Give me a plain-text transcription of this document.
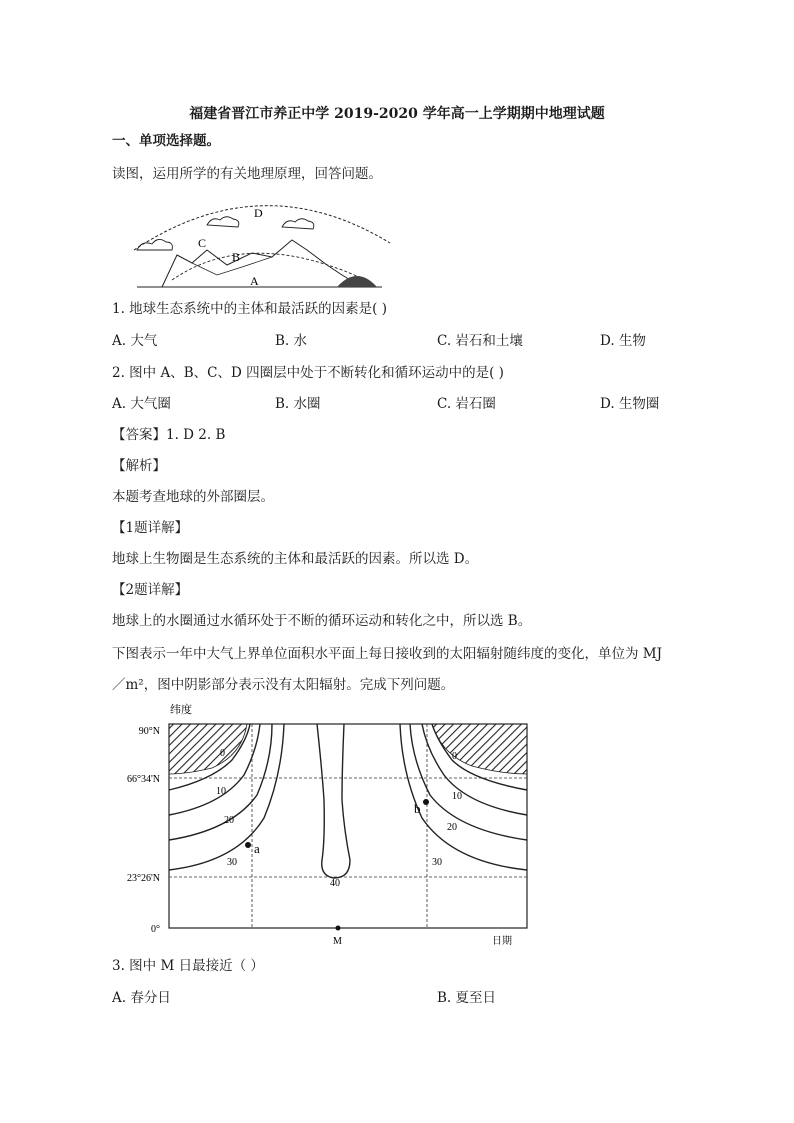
福建省晋江市养正中学 2019-2020 学年高一上学期期中地理试题
一、单项选择题。
读图，运用所学的有关地理原理，回答问题。
D
C
B
A
1. 地球生态系统中的主体和最活跃的因素是( )
A. 大气	B. 水	C. 岩石和土壤	D. 生物
2. 图中 A、B、C、D 四圈层中处于不断转化和循环运动中的是( )
A. 大气圈	B. 水圈	C. 岩石圈	D. 生物圈
【答案】1. D 2. B
【解析】
本题考查地球的外部圈层。
【1题详解】
地球上生物圈是生态系统的主体和最活跃的因素。所以选 D。
【2题详解】
地球上的水圈通过水循环处于不断的循环运动和转化之中，所以选 B。
下图表示一年中大气上界单位面积水平面上每日接收到的太阳辐射随纬度的变化，单位为 MJ
／m²，图中阴影部分表示没有太阳辐射。完成下列问题。
纬度
90°N
66°34'N
23°26'N
0°
0
10
20
30
40
30
20
10
0
a
b
M	日期
3. 图中 M 日最接近（ ）
A. 春分日	B. 夏至日
